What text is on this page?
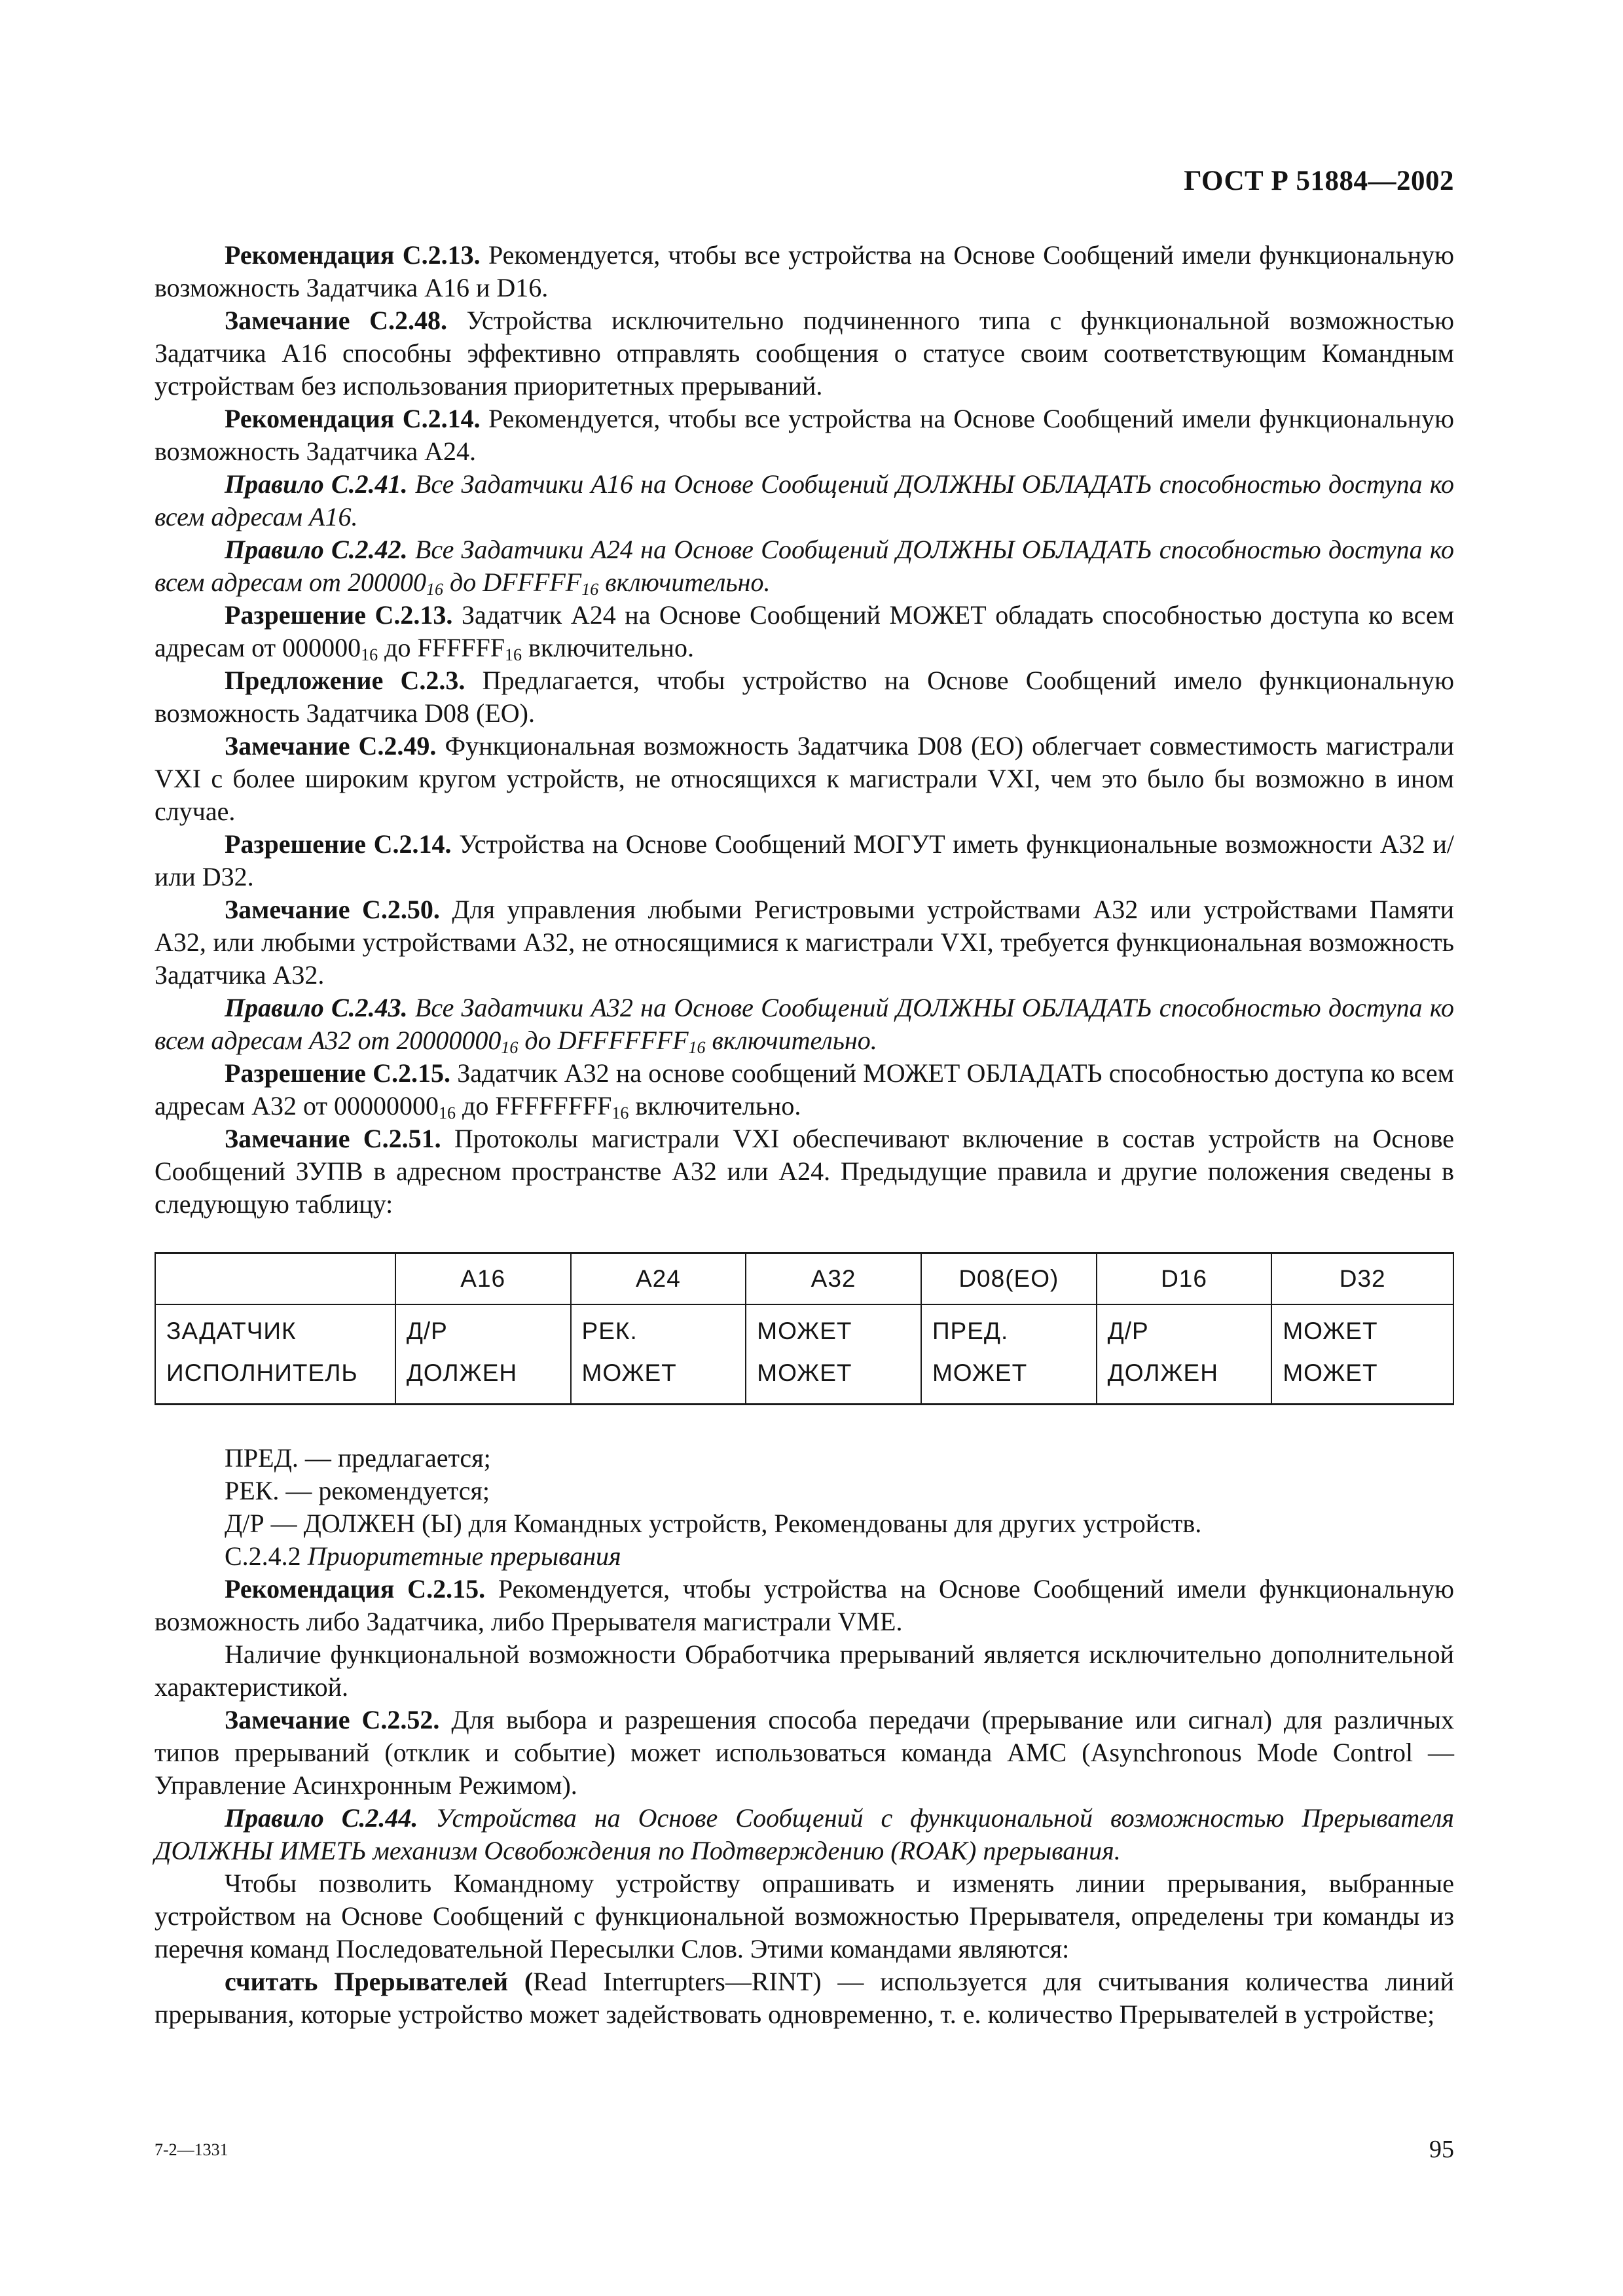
ГОСТ Р 51884—2002

Рекомендация С.2.13. Рекомендуется, чтобы все устройства на Основе Сообщений имели функциональную возможность Задатчика A16 и D16.

Замечание С.2.48. Устройства исключительно подчиненного типа с функциональной возможностью Задатчика A16 способны эффективно отправлять сообщения о статусе своим соответствующим Командным устройствам без использования приоритетных прерываний.

Рекомендация С.2.14. Рекомендуется, чтобы все устройства на Основе Сообщений имели функциональную возможность Задатчика A24.

Правило С.2.41. Все Задатчики A16 на Основе Сообщений ДОЛЖНЫ ОБЛАДАТЬ способностью доступа ко всем адресам A16.

Правило С.2.42. Все Задатчики A24 на Основе Сообщений ДОЛЖНЫ ОБЛАДАТЬ способностью доступа ко всем адресам от $200000_{16}$ до $DFFFFF_{16}$ включительно.

Разрешение С.2.13. Задатчик A24 на Основе Сообщений МОЖЕТ обладать способностью доступа ко всем адресам от $000000_{16}$ до $FFFFFF_{16}$ включительно.

Предложение С.2.3. Предлагается, чтобы устройство на Основе Сообщений имело функциональную возможность Задатчика D08 (EO).

Замечание С.2.49. Функциональная возможность Задатчика D08 (EO) облегчает совместимость магистрали VXI с более широким кругом устройств, не относящихся к магистрали VXI, чем это было бы возможно в ином случае.

Разрешение С.2.14. Устройства на Основе Сообщений МОГУТ иметь функциональные возможности A32 и/или D32.

Замечание С.2.50. Для управления любыми Регистровыми устройствами A32 или устройствами Памяти A32, или любыми устройствами A32, не относящимися к магистрали VXI, требуется функциональная возможность Задатчика A32.

Правило С.2.43. Все Задатчики A32 на Основе Сообщений ДОЛЖНЫ ОБЛАДАТЬ способностью доступа ко всем адресам A32 от $20000000_{16}$ до $DFFFFFFF_{16}$ включительно.

Разрешение С.2.15. Задатчик A32 на основе сообщений МОЖЕТ ОБЛАДАТЬ способностью доступа ко всем адресам A32 от $00000000_{16}$ до $FFFFFFFF_{16}$ включительно.

Замечание С.2.51. Протоколы магистрали VXI обеспечивают включение в состав устройств на Основе Сообщений ЗУПВ в адресном пространстве A32 или A24. Предыдущие правила и другие положения сведены в следующую таблицу:

	A16	A24	A32	D08(EO)	D16	D32
ЗАДАТЧИК	Д/Р	РЕК.	МОЖЕТ	ПРЕД.	Д/Р	МОЖЕТ
ИСПОЛНИТЕЛЬ	ДОЛЖЕН	МОЖЕТ	МОЖЕТ	МОЖЕТ	ДОЛЖЕН	МОЖЕТ

ПРЕД. — предлагается;

РЕК. — рекомендуется;

Д/Р — ДОЛЖЕН (Ы) для Командных устройств, Рекомендованы для других устройств.

С.2.4.2 Приоритетные прерывания

Рекомендация С.2.15. Рекомендуется, чтобы устройства на Основе Сообщений имели функциональную возможность либо Задатчика, либо Прерывателя магистрали VME.

Наличие функциональной возможности Обработчика прерываний является исключительно дополнительной характеристикой.

Замечание С.2.52. Для выбора и разрешения способа передачи (прерывание или сигнал) для различных типов прерываний (отклик и событие) может использоваться команда AMC (Asynchronous Mode Control — Управление Асинхронным Режимом).

Правило С.2.44. Устройства на Основе Сообщений с функциональной возможностью Прерывателя ДОЛЖНЫ ИМЕТЬ механизм Освобождения по Подтверждению (ROAK) прерывания.

Чтобы позволить Командному устройству опрашивать и изменять линии прерывания, выбранные устройством на Основе Сообщений с функциональной возможностью Прерывателя, определены три команды из перечня команд Последовательной Пересылки Слов. Этими командами являются:

считать Прерывателей (Read Interrupters—RINT) — используется для считывания количества линий прерывания, которые устройство может задействовать одновременно, т. е. количество Прерывателей в устройстве;

7-2—1331	95
